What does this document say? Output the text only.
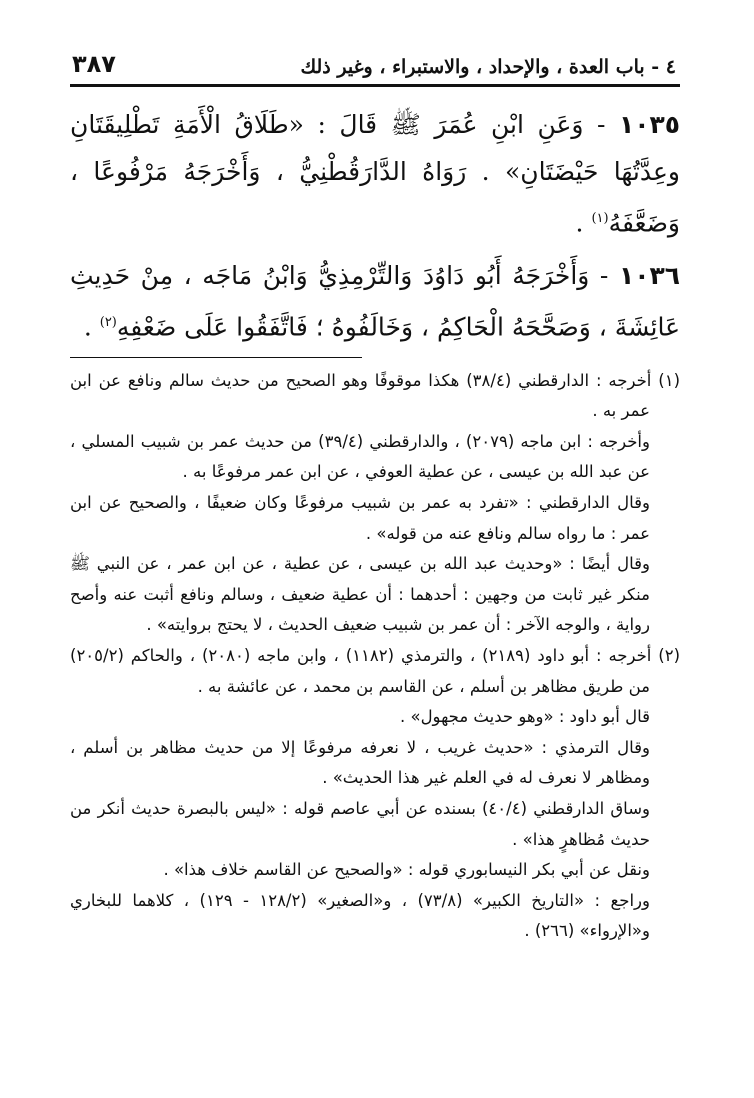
٤ - باب العدة ، والإحداد ، والاستبراء ، وغير ذلك
٣٨٧

١٠٣٥ - وَعَنِ ابْنِ عُمَرَ ﷺ قَالَ : «طَلَاقُ الْأَمَةِ تَطْلِيقَتَانِ وعِدَّتُهَا حَيْضَتَانِ» . رَوَاهُ الدَّارَقُطْنِيُّ ، وَأَخْرَجَهُ مَرْفُوعًا ، وَضَعَّفَهُ$^{(١)}$ .

١٠٣٦ - وَأَخْرَجَهُ أَبُو دَاوُدَ وَالتِّرْمِذِيُّ وَابْنُ مَاجَه ، مِنْ حَدِيثِ عَائِشَةَ ، وَصَحَّحَهُ الْحَاكِمُ ، وَخَالَفُوهُ ؛ فَاتَّفَقُوا عَلَى ضَعْفِهِ$^{(٢)}$ .

(١) أخرجه : الدارقطني (٣٨/٤) هكذا موقوفًا وهو الصحيح من حديث سالم ونافع عن ابن عمر به .

وأخرجه : ابن ماجه (٢٠٧٩) ، والدارقطني (٣٩/٤) من حديث عمر بن شبيب المسلي ، عن عبد الله بن عيسى ، عن عطية العوفي ، عن ابن عمر مرفوعًا به .

وقال الدارقطني : «تفرد به عمر بن شبيب مرفوعًا وكان ضعيفًا ، والصحيح عن ابن عمر : ما رواه سالم ونافع عنه من قوله» .

وقال أيضًا : «وحديث عبد الله بن عيسى ، عن عطية ، عن ابن عمر ، عن النبي ﷺ منكر غير ثابت من وجهين : أحدهما : أن عطية ضعيف ، وسالم ونافع أثبت عنه وأصح رواية ، والوجه الآخر : أن عمر بن شبيب ضعيف الحديث ، لا يحتج بروايته» .

(٢) أخرجه : أبو داود (٢١٨٩) ، والترمذي (١١٨٢) ، وابن ماجه (٢٠٨٠) ، والحاكم (٢٠٥/٢) من طريق مظاهر بن أسلم ، عن القاسم بن محمد ، عن عائشة به .

قال أبو داود : «وهو حديث مجهول» .

وقال الترمذي : «حديث غريب ، لا نعرفه مرفوعًا إلا من حديث مظاهر بن أسلم ، ومظاهر لا نعرف له في العلم غير هذا الحديث» .

وساق الدارقطني (٤٠/٤) بسنده عن أبي عاصم قوله : «ليس بالبصرة حديث أنكر من حديث مُظاهرٍ هذا» .

ونقل عن أبي بكر النيسابوري قوله : «والصحيح عن القاسم خلاف هذا» .

وراجع : «التاريخ الكبير» (٧٣/٨) ، و«الصغير» (١٢٨/٢ - ١٢٩) ، كلاهما للبخاري و«الإرواء» (٢٦٦) .
